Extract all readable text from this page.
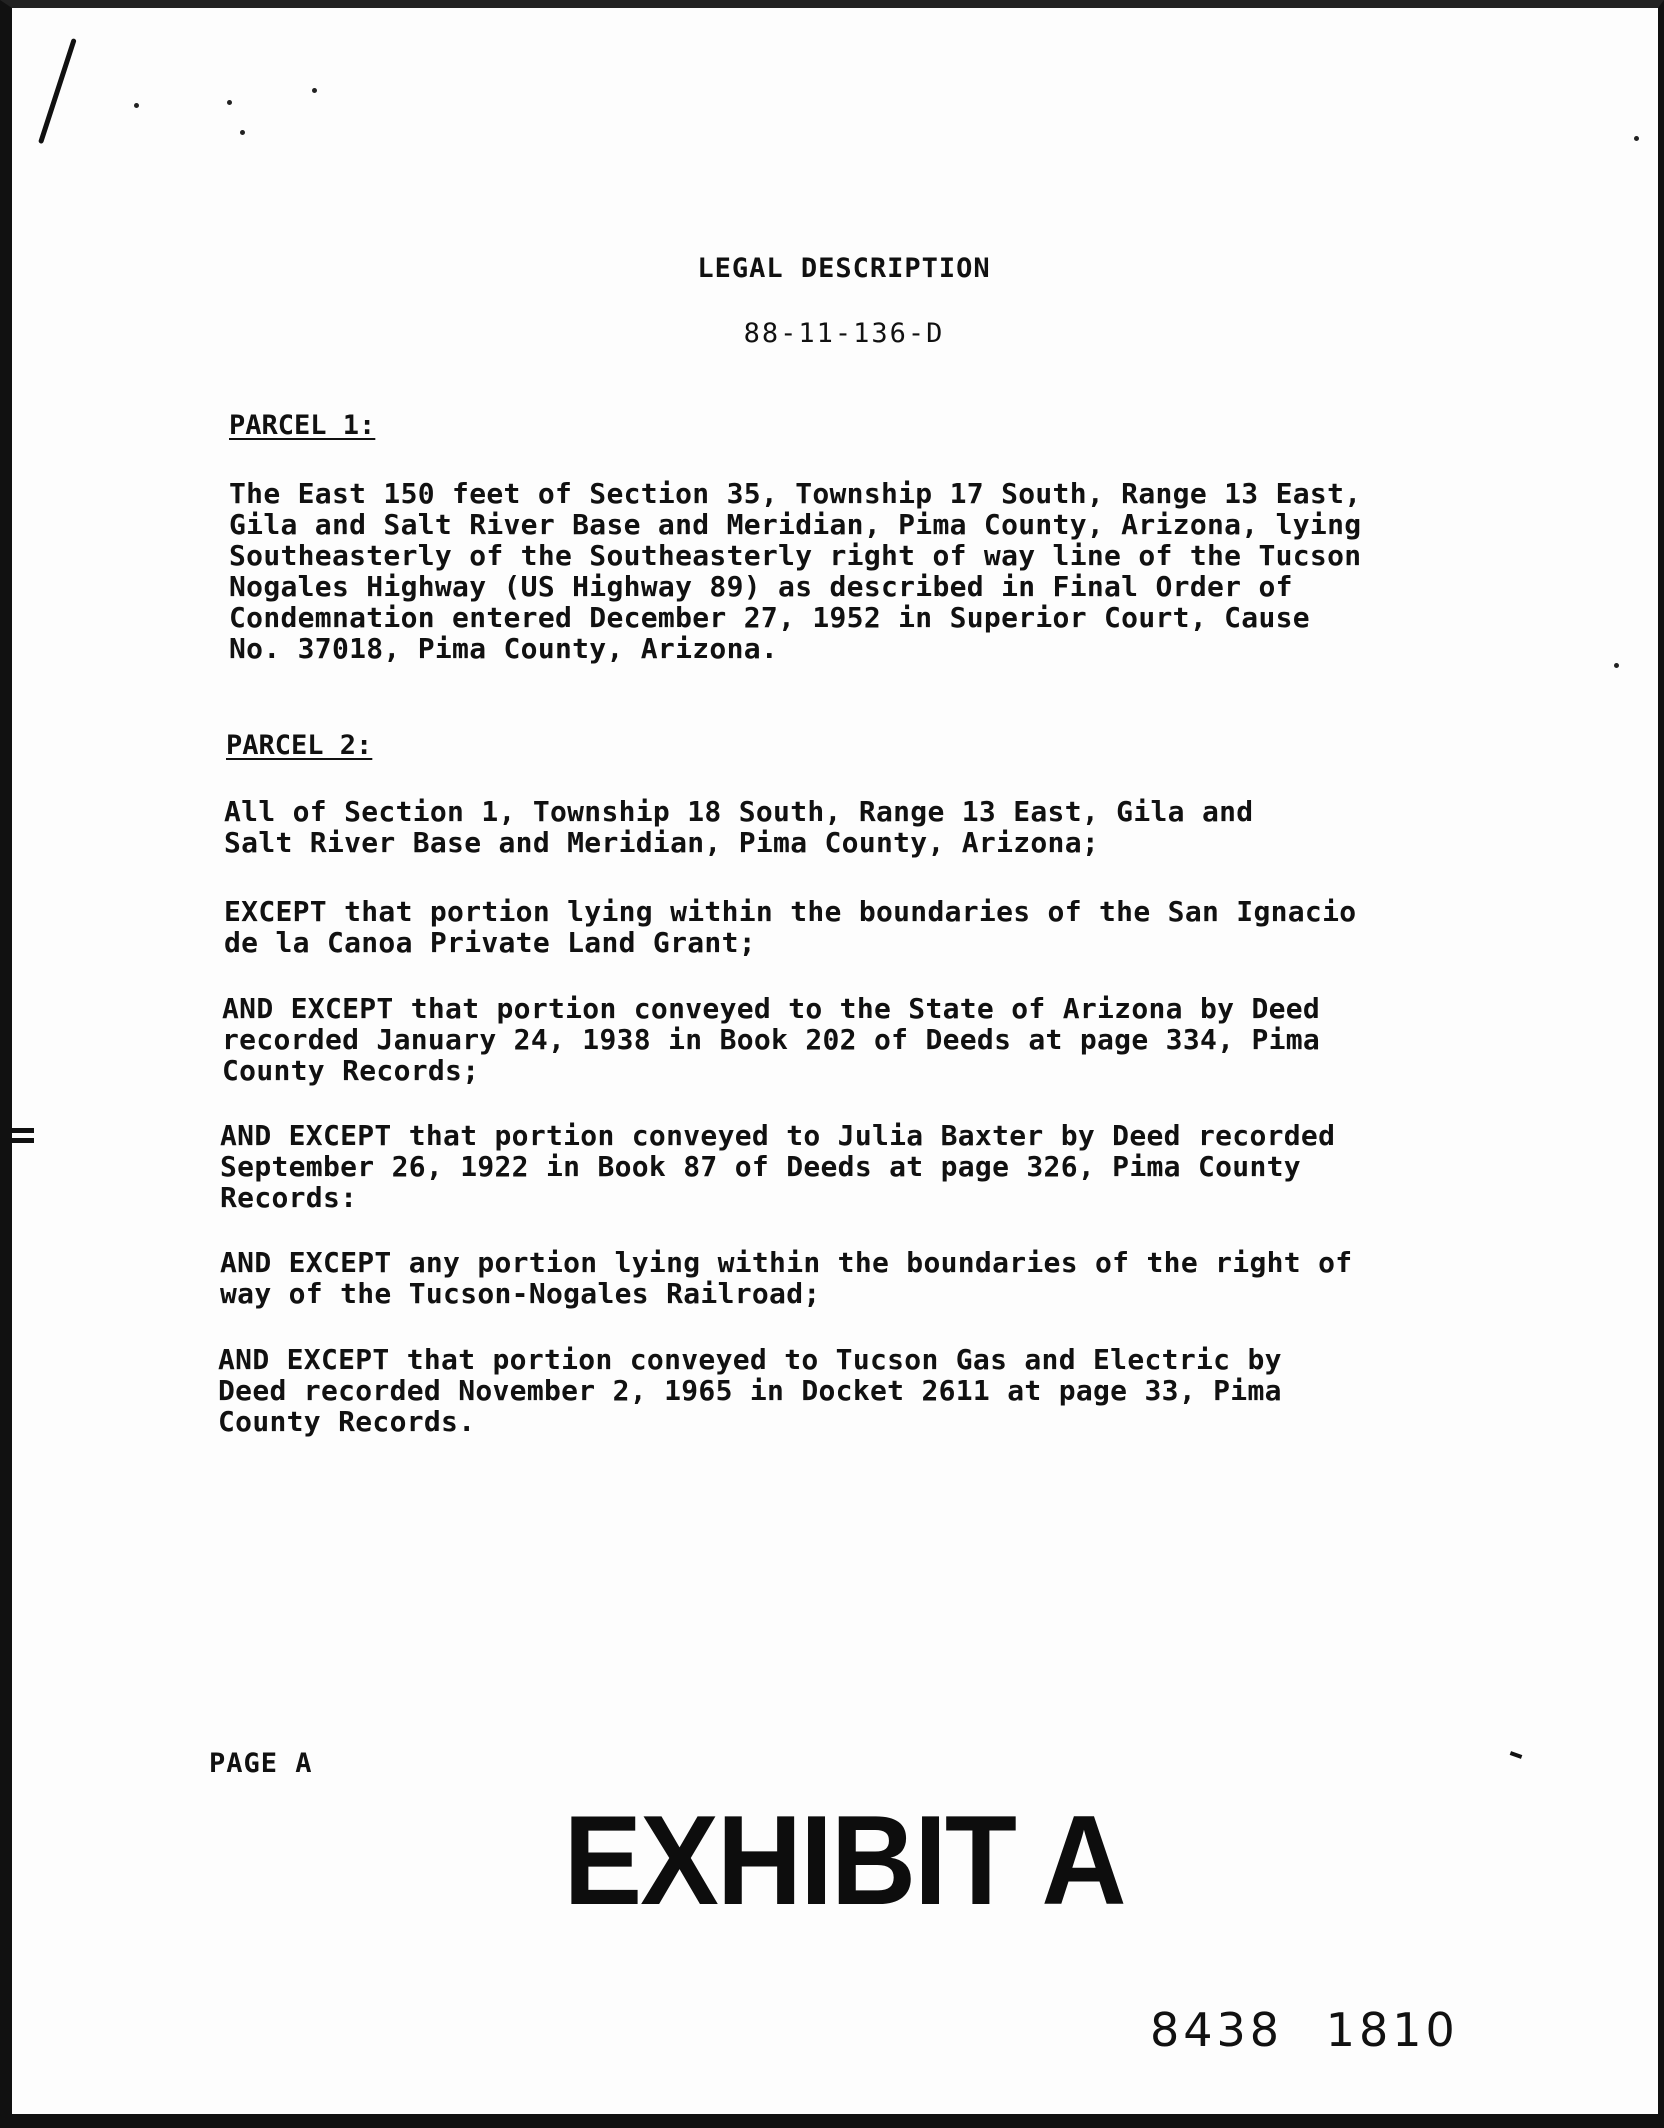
LEGAL DESCRIPTION
88-11-136-D
PARCEL 1:
The East 150 feet of Section 35, Township 17 South, Range 13 East,
Gila and Salt River Base and Meridian, Pima County, Arizona, lying
Southeasterly of the Southeasterly right of way line of the Tucson
Nogales Highway (US Highway 89) as described in Final Order of
Condemnation entered December 27, 1952 in Superior Court, Cause
No. 37018, Pima County, Arizona.
PARCEL 2:
All of Section 1, Township 18 South, Range 13 East, Gila and
Salt River Base and Meridian, Pima County, Arizona;
EXCEPT that portion lying within the boundaries of the San Ignacio
de la Canoa Private Land Grant;
AND EXCEPT that portion conveyed to the State of Arizona by Deed
recorded January 24, 1938 in Book 202 of Deeds at page 334, Pima
County Records;
AND EXCEPT that portion conveyed to Julia Baxter by Deed recorded
September 26, 1922 in Book 87 of Deeds at page 326, Pima County
Records:
AND EXCEPT any portion lying within the boundaries of the right of
way of the Tucson-Nogales Railroad;
AND EXCEPT that portion conveyed to Tucson Gas and Electric by
Deed recorded November 2, 1965 in Docket 2611 at page 33, Pima
County Records.
PAGE A
EXHIBIT A
8438 1810
